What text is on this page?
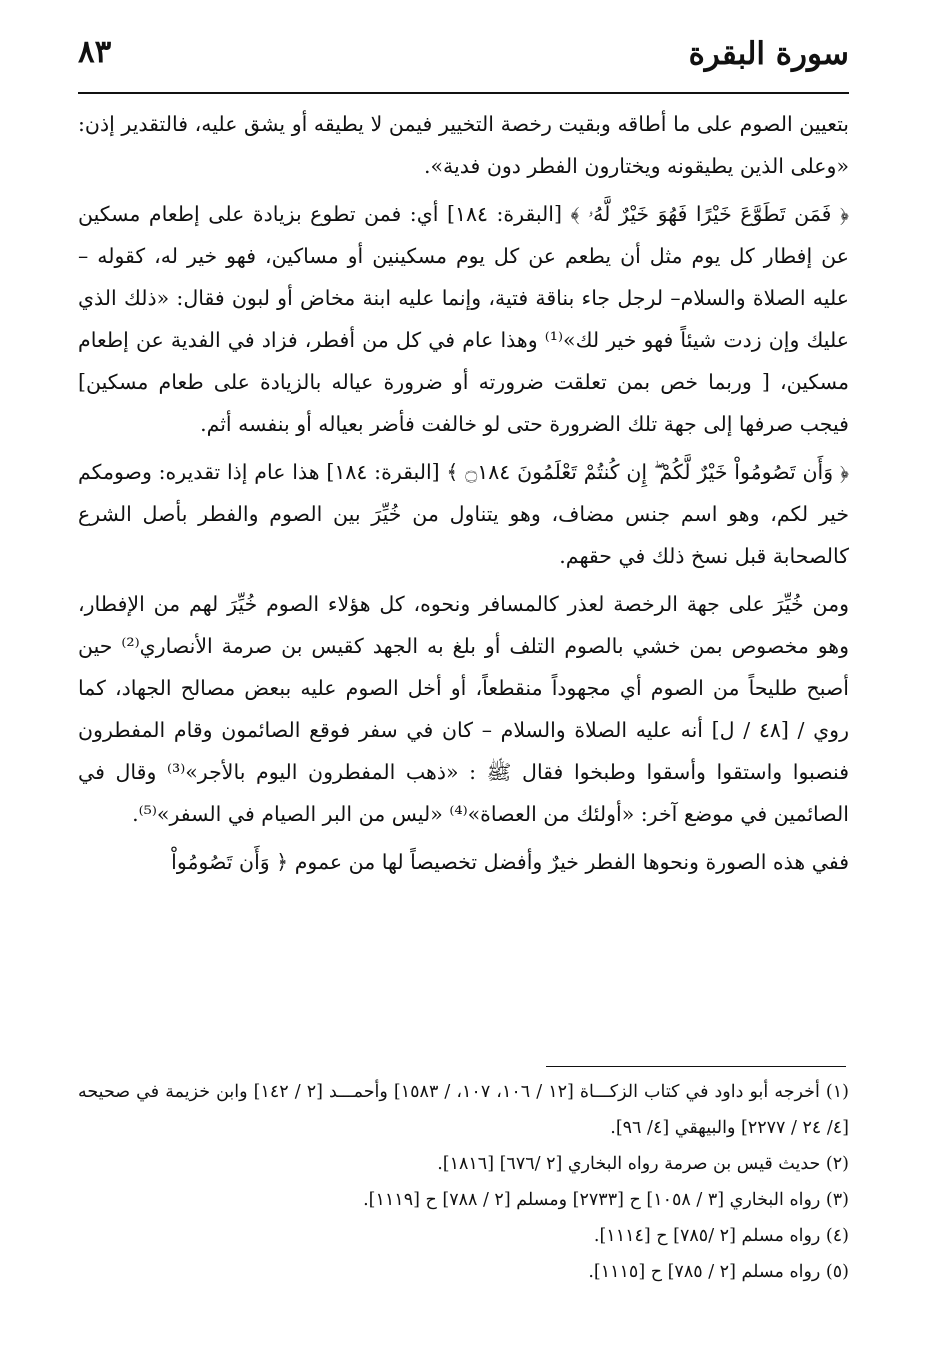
سورة البقرة
٨٣

بتعيين الصوم على ما أطاقه وبقيت رخصة التخيير فيمن لا يطيقه أو يشق عليه، فالتقدير إذن: «وعلى الذين يطيقونه ويختارون الفطر دون فدية».

﴿ فَمَن تَطَوَّعَ خَيْرًا فَهُوَ خَيْرٌ لَّهُۥ ﴾ [البقرة: ١٨٤] أي: فمن تطوع بزيادة على إطعام مسكين عن إفطار كل يوم مثل أن يطعم عن كل يوم مسكينين أو مساكين، فهو خير له، كقوله – عليه الصلاة والسلام– لرجل جاء بناقة فتية، وإنما عليه ابنة مخاض أو لبون فقال: «ذلك الذي عليك وإن زدت شيئاً فهو خير لك»⁽¹⁾ وهذا عام في كل من أفطر، فزاد في الفدية عن إطعام مسكين، [ وربما خص بمن تعلقت ضرورته أو ضرورة عياله بالزيادة على طعام مسكين] فيجب صرفها إلى جهة تلك الضرورة حتى لو خالفت فأضر بعياله أو بنفسه أثم.

﴿ وَأَن تَصُومُواْ خَيْرٌ لَّكُمْ ۖ إِن كُنتُمْ تَعْلَمُونَ ۝١٨٤ ﴾ [البقرة: ١٨٤] هذا عام إذا تقديره: وصومكم خير لكم، وهو اسم جنس مضاف، وهو يتناول من خُيِّرَ بين الصوم والفطر بأصل الشرع كالصحابة قبل نسخ ذلك في حقهم.

ومن خُيِّرَ على جهة الرخصة لعذر كالمسافر ونحوه، كل هؤلاء الصوم خُيِّرَ لهم من الإفطار، وهو مخصوص بمن خشي بالصوم التلف أو بلغ به الجهد كقيس بن صرمة الأنصاري⁽²⁾ حين أصبح طليحاً من الصوم أي مجهوداً منقطعاً، أو أخل الصوم عليه ببعض مصالح الجهاد، كما روي / [٤٨ / ل] أنه عليه الصلاة والسلام – كان في سفر فوقع الصائمون وقام المفطرون فنصبوا واستقوا وأسقوا وطبخوا فقال ﷺ : «ذهب المفطرون اليوم بالأجر»⁽³⁾ وقال في الصائمين في موضع آخر: «أولئك من العصاة»⁽⁴⁾ «ليس من البر الصيام في السفر»⁽⁵⁾.

ففي هذه الصورة ونحوها الفطر خيرٌ وأفضل تخصيصاً لها من عموم ﴿ وَأَن تَصُومُواْ

(١) أخرجه أبو داود في كتاب الزكـــاة [١٢ / ١٠٦، ١٠٧، / ١٥٨٣] وأحمـــد [٢ / ١٤٢] وابن خزيمة في صحيحه [٤/ ٢٤ / ٢٢٧٧] والبيهقي [٤/ ٩٦].

(٢) حديث قيس بن صرمة رواه البخاري [٢ /٦٧٦] [١٨١٦].

(٣) رواه البخاري [٣ / ١٠٥٨] ح [٢٧٣٣] ومسلم [٢ / ٧٨٨] ح [١١١٩].

(٤) رواه مسلم [٢ /٧٨٥] ح [١١١٤].

(٥) رواه مسلم [٢ / ٧٨٥] ح [١١١٥].
